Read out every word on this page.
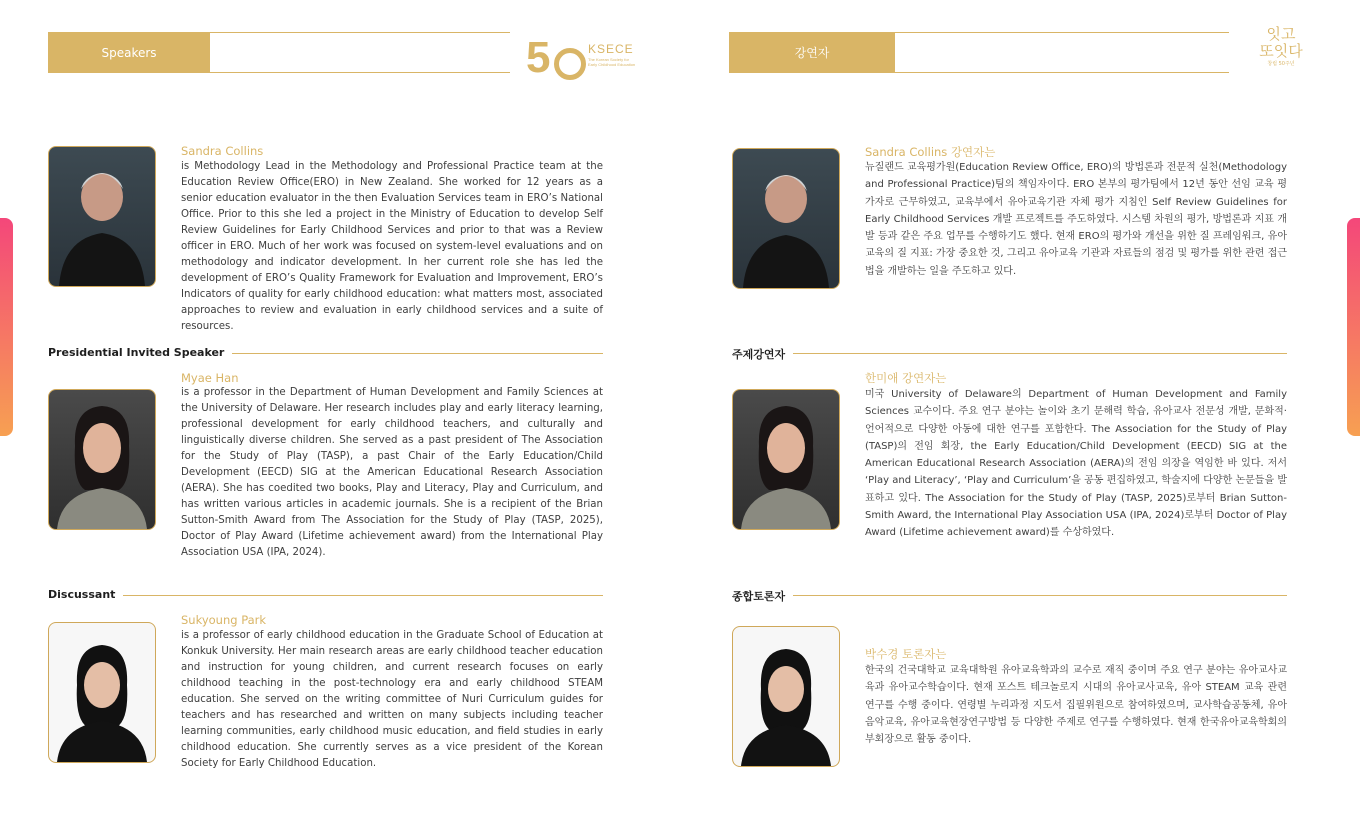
Speakers	5	KSECE
The Korean Society for Early Childhood Education
Sandra Collins
is Methodology Lead in the Methodology and Professional Practice team at the Education Review Office(ERO) in New Zealand. She worked for 12 years as a senior education evaluator in the then Evaluation Services team in ERO’s National Office. Prior to this she led a project in the Ministry of Education to develop Self Review Guidelines for Early Childhood Services and prior to that was a Review officer in ERO. Much of her work was focused on system-level evaluations and on methodology and indicator development. In her current role she has led the development of ERO’s Quality Framework for Evaluation and Improvement, ERO’s Indicators of quality for early childhood education: what matters most, associated approaches to review and evaluation in early childhood services and a suite of resources.
Presidential Invited Speaker
Myae Han
is a professor in the Department of Human Development and Family Sciences at the University of Delaware. Her research includes play and early literacy learning, professional development for early childhood teachers, and culturally and linguistically diverse children. She served as a past president of The Association for the Study of Play (TASP), a past Chair of the Early Education/Child Development (EECD) SIG at the American Educational Research Association (AERA). She has coedited two books, Play and Literacy, Play and Curriculum, and has written various articles in academic journals. She is a recipient of the Brian Sutton-Smith Award from The Association for the Study of Play (TASP, 2025), Doctor of Play Award (Lifetime achievement award) from the International Play Association USA (IPA, 2024).
Discussant
Sukyoung Park
is a professor of early childhood education in the Graduate School of Education at Konkuk University. Her main research areas are early childhood teacher education and instruction for young children, and current research focuses on early childhood teaching in the post-technology era and early childhood STEAM education. She served on the writing committee of Nuri Curriculum guides for teachers and has researched and written on many subjects including teacher learning communities, early childhood music education, and field studies in early childhood education. She currently serves as a vice president of the Korean Society for Early Childhood Education.
강연자
잇고
또잇다
창립 50주년
Sandra Collins 강연자는
뉴질랜드 교육평가원(Education Review Office, ERO)의 방법론과 전문적 실천(Methodology and Professional Practice)팀의 책임자이다. ERO 본부의 평가팀에서 12년 동안 선임 교육 평가자로 근무하였고, 교육부에서 유아교육기관 자체 평가 지침인 Self Review Guidelines for Early Childhood Services 개발 프로젝트를 주도하였다. 시스템 차원의 평가, 방법론과 지표 개발 등과 같은 주요 업무를 수행하기도 했다. 현재 ERO의 평가와 개선을 위한 질 프레임워크, 유아교육의 질 지표: 가장 중요한 것, 그리고 유아교육 기관과 자료들의 점검 및 평가를 위한 관련 접근법을 개발하는 일을 주도하고 있다.
주제강연자
한미애 강연자는
미국 University of Delaware의 Department of Human Development and Family Sciences 교수이다. 주요 연구 분야는 놀이와 초기 문해력 학습, 유아교사 전문성 개발, 문화적·언어적으로 다양한 아동에 대한 연구를 포함한다. The Association for the Study of Play (TASP)의 전임 회장, the Early Education/Child Development (EECD) SIG at the American Educational Research Association (AERA)의 전임 의장을 역임한 바 있다. 저서 ‘Play and Literacy’, ‘Play and Curriculum’을 공동 편집하였고, 학술지에 다양한 논문들을 발표하고 있다. The Association for the Study of Play (TASP, 2025)로부터 Brian Sutton-Smith Award, the International Play Association USA (IPA, 2024)로부터 Doctor of Play Award (Lifetime achievement award)를 수상하였다.
종합토론자
박수경 토론자는
한국의 건국대학교 교육대학원 유아교육학과의 교수로 재직 중이며 주요 연구 분야는 유아교사교육과 유아교수학습이다. 현재 포스트 테크놀로지 시대의 유아교사교육, 유아 STEAM 교육 관련 연구를 수행 중이다. 연령별 누리과정 지도서 집필위원으로 참여하였으며, 교사학습공동체, 유아음악교육, 유아교육현장연구방법 등 다양한 주제로 연구를 수행하였다. 현재 한국유아교육학회의 부회장으로 활동 중이다.
